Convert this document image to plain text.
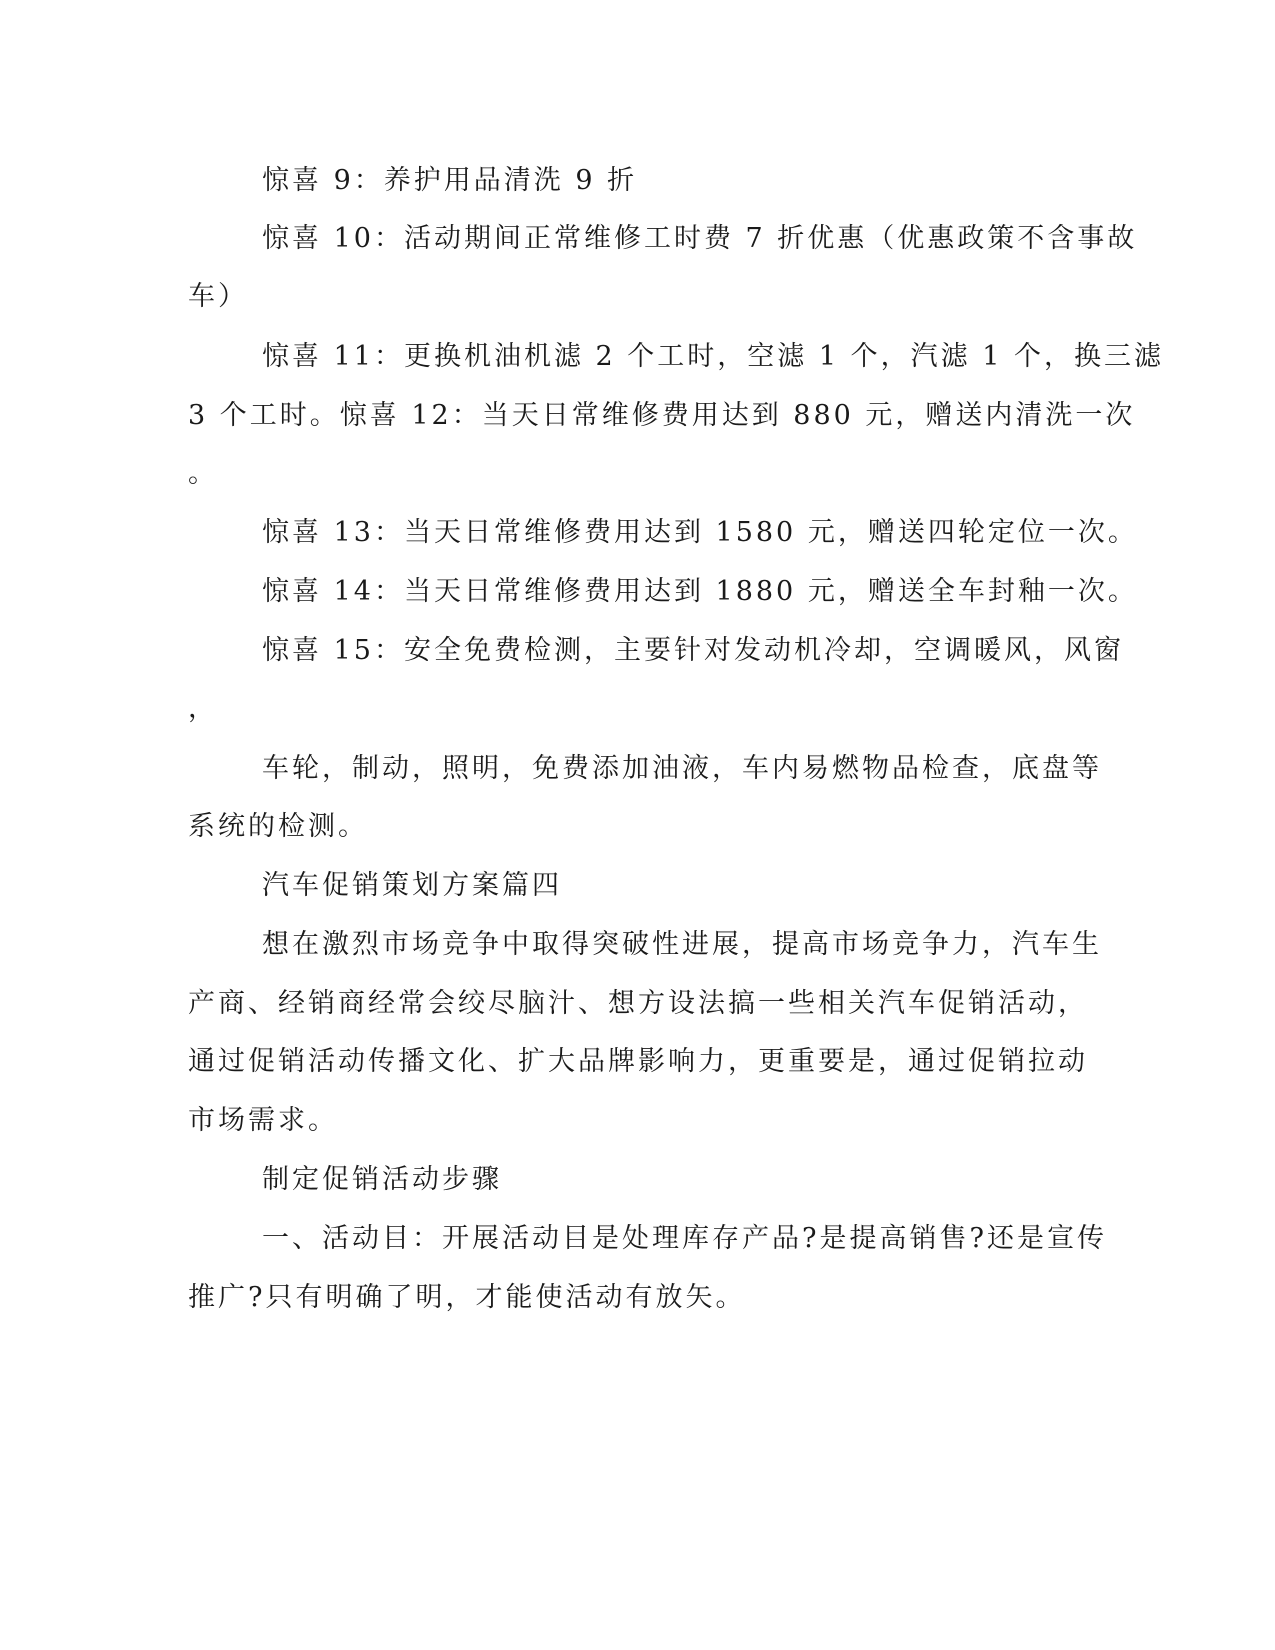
惊喜 9：养护用品清洗 9 折
惊喜 10：活动期间正常维修工时费 7 折优惠（优惠政策不含事故
车）
惊喜 11：更换机油机滤 2 个工时，空滤 1 个，汽滤 1 个，换三滤
3 个工时。惊喜 12：当天日常维修费用达到 880 元，赠送内清洗一次
。
惊喜 13：当天日常维修费用达到 1580 元，赠送四轮定位一次。
惊喜 14：当天日常维修费用达到 1880 元，赠送全车封釉一次。
惊喜 15：安全免费检测，主要针对发动机冷却，空调暖风，风窗
，
车轮，制动，照明，免费添加油液，车内易燃物品检查，底盘等
系统的检测。
汽车促销策划方案篇四
想在激烈市场竞争中取得突破性进展，提高市场竞争力，汽车生
产商、经销商经常会绞尽脑汁、想方设法搞一些相关汽车促销活动，
通过促销活动传播文化、扩大品牌影响力，更重要是，通过促销拉动
市场需求。
制定促销活动步骤
一、活动目：开展活动目是处理库存产品?是提高销售?还是宣传
推广?只有明确了明，才能使活动有放矢。
